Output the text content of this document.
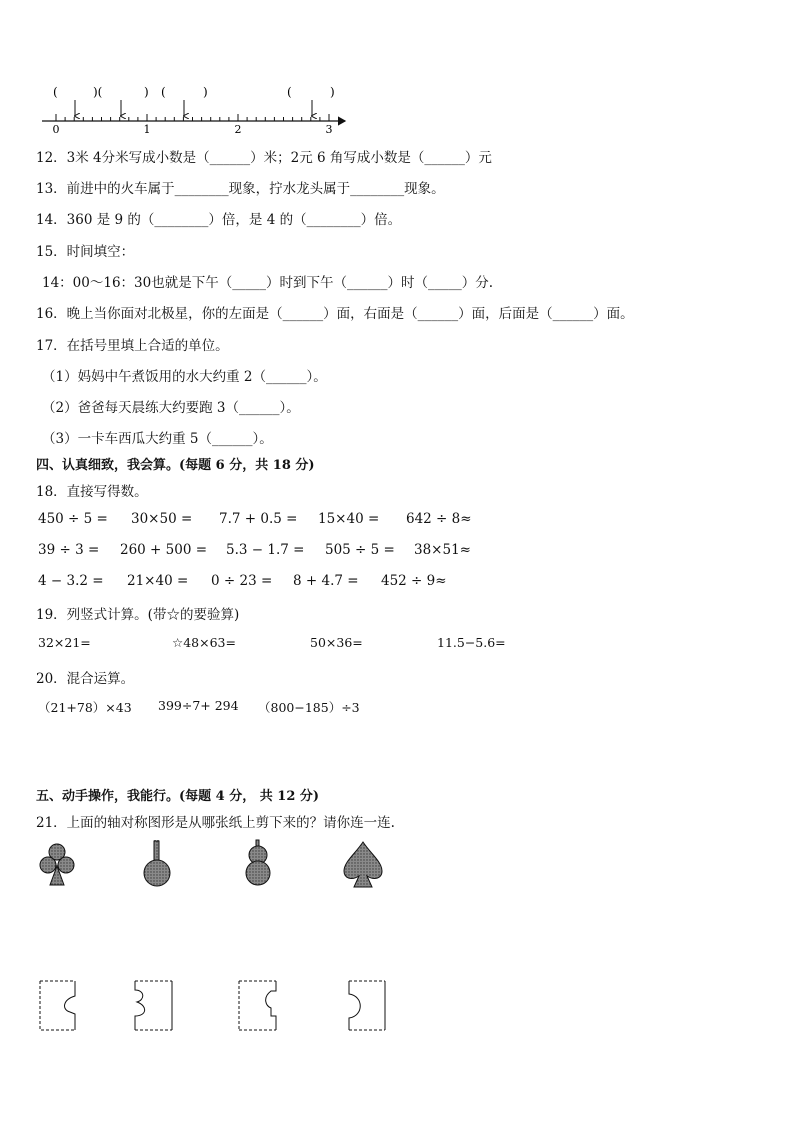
0	1	2	3
(	)(	) (	)	(	)
12．3米 4分米写成小数是（______）米；2元 6 角写成小数是（______）元
13．前进中的火车属于________现象，拧水龙头属于________现象。
14．360 是 9 的（________）倍，是 4 的（________）倍。
15．时间填空：
14：00～16：30也就是下午（_____）时到下午（______）时（_____）分.
16．晚上当你面对北极星，你的左面是（______）面，右面是（______）面，后面是（______）面。
17．在括号里填上合适的单位。
（1）妈妈中午煮饭用的水大约重 2（______）。
（2）爸爸每天晨练大约要跑 3（______）。
（3）一卡车西瓜大约重 5（______）。
四、认真细致，我会算。(每题 6 分，共 18 分)
18．直接写得数。
450 ÷ 5 = 30×50 = 7.7 + 0.5 = 15×40 = 642 ÷ 8≈
39 ÷ 3 = 260 + 500 = 5.3 − 1.7 = 505 ÷ 5 = 38×51≈
4 − 3.2 = 21×40 = 0 ÷ 23 = 8 + 4.7 = 452 ÷ 9≈
19．列竖式计算。(带☆的要验算)
32×21=	☆48×63=	50×36=	11.5−5.6=
20．混合运算。
（21+78）×43 399÷7+ 294 （800−185）÷3
五、动手操作，我能行。(每题 4 分， 共 12 分)
21．上面的轴对称图形是从哪张纸上剪下来的？请你连一连.
